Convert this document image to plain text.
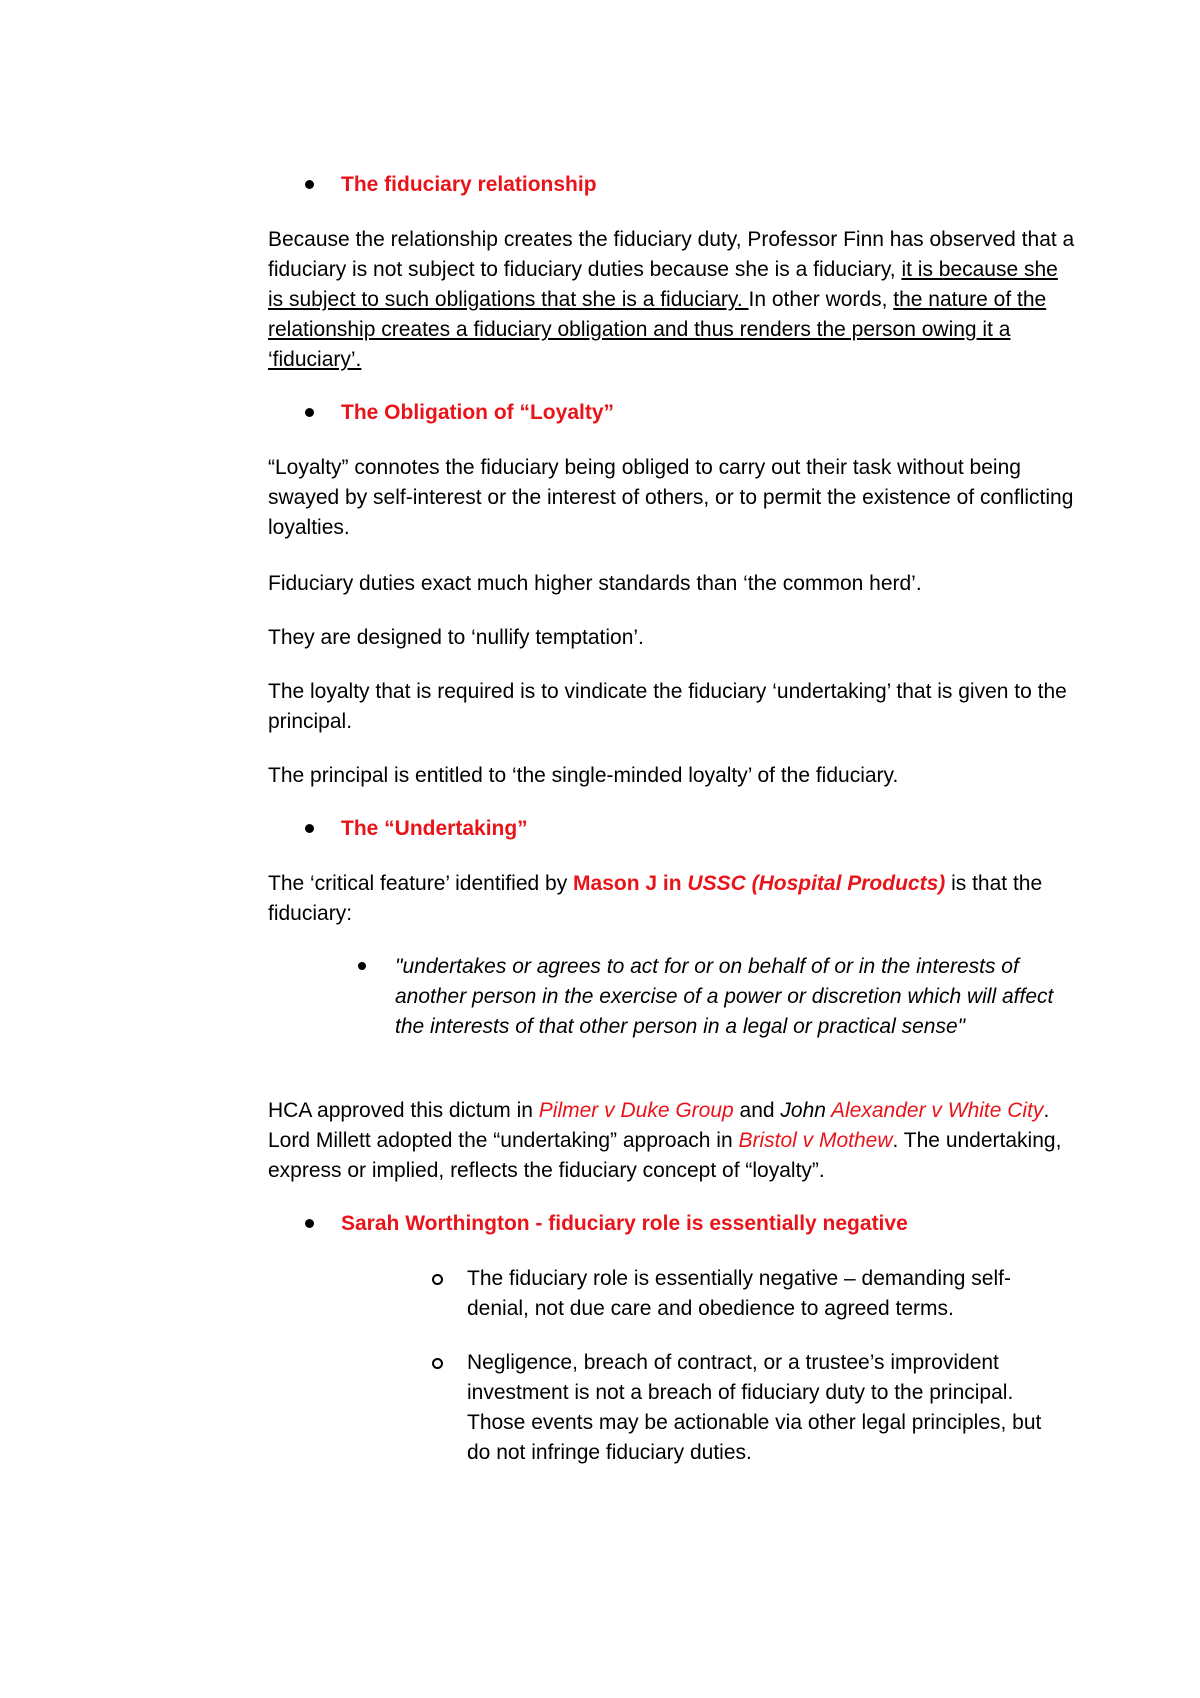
The fiduciary relationship

Because the relationship creates the fiduciary duty, Professor Finn has observed that a fiduciary is not subject to fiduciary duties because she is a fiduciary, it is because she is subject to such obligations that she is a fiduciary. In other words, the nature of the relationship creates a fiduciary obligation and thus renders the person owing it a ‘fiduciary’.

The Obligation of “Loyalty”

“Loyalty” connotes the fiduciary being obliged to carry out their task without being swayed by self-interest or the interest of others, or to permit the existence of conflicting loyalties.

Fiduciary duties exact much higher standards than ‘the common herd’.

They are designed to ‘nullify temptation’.

The loyalty that is required is to vindicate the fiduciary ‘undertaking’ that is given to the principal.

The principal is entitled to ‘the single-minded loyalty’ of the fiduciary.

The “Undertaking”

The ‘critical feature’ identified by Mason J in USSC (Hospital Products) is that the fiduciary:

"undertakes or agrees to act for or on behalf of or in the interests of another person in the exercise of a power or discretion which will affect the interests of that other person in a legal or practical sense"

HCA approved this dictum in Pilmer v Duke Group and John Alexander v White City. Lord Millett adopted the “undertaking” approach in Bristol v Mothew. The undertaking, express or implied, reflects the fiduciary concept of “loyalty”.

Sarah Worthington - fiduciary role is essentially negative

The fiduciary role is essentially negative – demanding self-denial, not due care and obedience to agreed terms.

Negligence, breach of contract, or a trustee’s improvident investment is not a breach of fiduciary duty to the principal. Those events may be actionable via other legal principles, but do not infringe fiduciary duties.
